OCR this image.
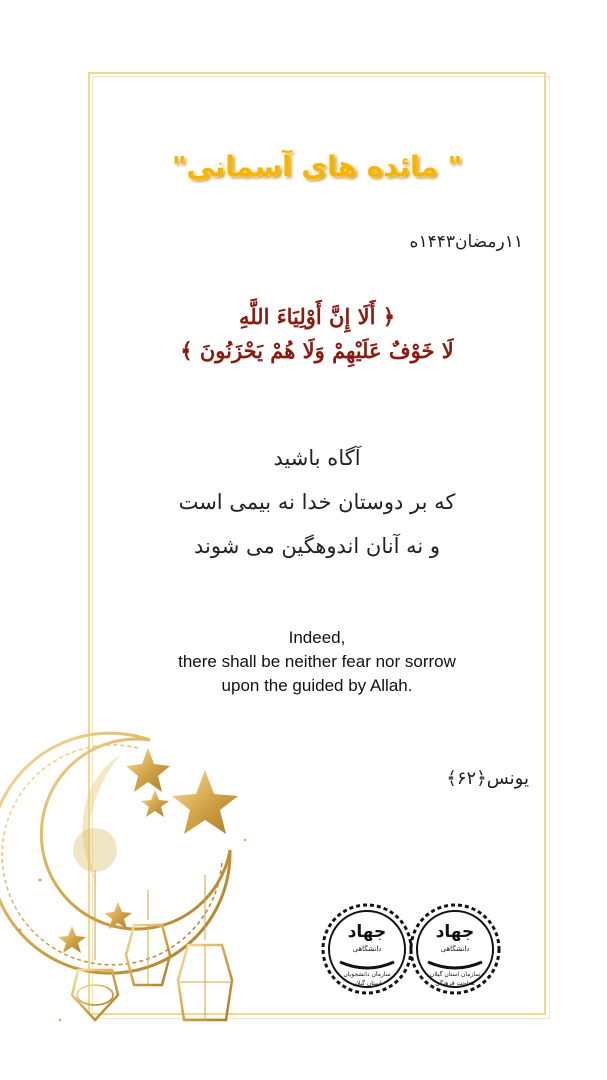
" مائده های آسمانی"
١١رمضان١۴۴٣ه
﴿ أَلَا إِنَّ أَوْلِيَاءَ اللَّهِ
لَا خَوْفٌ عَلَيْهِمْ وَلَا هُمْ يَحْزَنُونَ ﴾
آگاه باشید
که بر دوستان خدا نه بیمی است
و نه آنان اندوهگین می شوند
Indeed,
there shall be neither fear nor sorrow
upon the guided by Allah.
یونس﴿۶۲﴾
جهاد
دانشگاهی
سازمان دانشجویان
استان گیلان
جهاد
دانشگاهی
سازمان استان گیلان
معاونت فرهنگی
